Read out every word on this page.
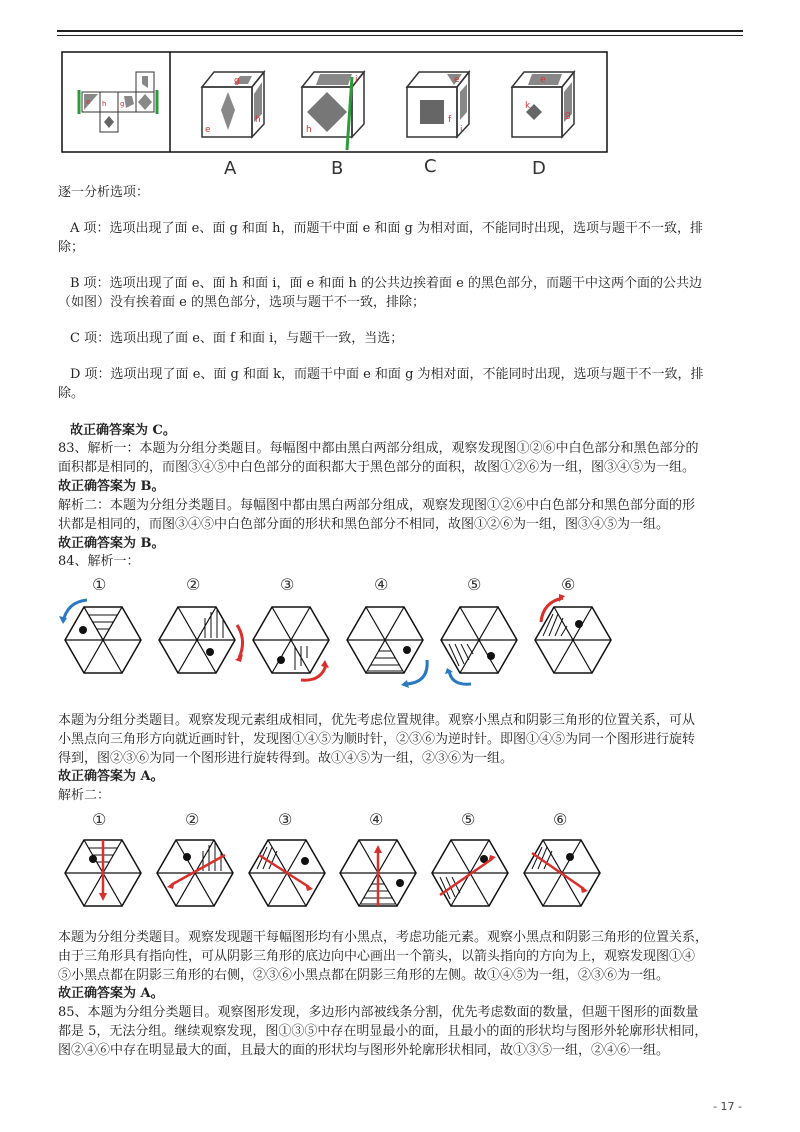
e	g
h
g
e
h
h
i	e
f
i
e
k
g
A	B	C	D
逐一分析选项：
A 项：选项出现了面 e、面 g 和面 h，而题干中面 e 和面 g 为相对面，不能同时出现，选项与题干不一致，排
除；
B 项：选项出现了面 e、面 h 和面 i，面 e 和面 h 的公共边挨着面 e 的黑色部分，而题干中这两个面的公共边
（如图）没有挨着面 e 的黑色部分，选项与题干不一致，排除；
C 项：选项出现了面 e、面 f 和面 i，与题干一致，当选；
D 项：选项出现了面 e、面 g 和面 k，而题干中面 e 和面 g 为相对面，不能同时出现，选项与题干不一致，排
除。
故正确答案为 C。
83、解析一：本题为分组分类题目。每幅图中都由黑白两部分组成，观察发现图①②⑥中白色部分和黑色部分的
面积都是相同的，而图③④⑤中白色部分的面积都大于黑色部分的面积，故图①②⑥为一组，图③④⑤为一组。
故正确答案为 B。
解析二：本题为分组分类题目。每幅图中都由黑白两部分组成，观察发现图①②⑥中白色部分和黑色部分面的形
状都是相同的，而图③④⑤中白色部分面的形状和黑色部分不相同，故图①②⑥为一组，图③④⑤为一组。
故正确答案为 B。
84、解析一：
①	②	③	④	⑤	⑥
本题为分组分类题目。观察发现元素组成相同，优先考虑位置规律。观察小黑点和阴影三角形的位置关系，可从
小黑点向三角形方向就近画时针，发现图①④⑤为顺时针，②③⑥为逆时针。即图①④⑤为同一个图形进行旋转
得到，图②③⑥为同一个图形进行旋转得到。故①④⑤为一组，②③⑥为一组。
故正确答案为 A。
解析二：
①	②	③	④	⑤	⑥
本题为分组分类题目。观察发现题干每幅图形均有小黑点，考虑功能元素。观察小黑点和阴影三角形的位置关系，
由于三角形具有指向性，可从阴影三角形的底边向中心画出一个箭头，以箭头指向的方向为上，观察发现图①④
⑤小黑点都在阴影三角形的右侧，②③⑥小黑点都在阴影三角形的左侧。故①④⑤为一组，②③⑥为一组。
故正确答案为 A。
85、本题为分组分类题目。观察图形发现，多边形内部被线条分割，优先考虑数面的数量，但题干图形的面数量
都是 5，无法分组。继续观察发现，图①③⑤中存在明显最小的面，且最小的面的形状均与图形外轮廓形状相同，
图②④⑥中存在明显最大的面，且最大的面的形状均与图形外轮廓形状相同，故①③⑤一组，②④⑥一组。
- 17 -
